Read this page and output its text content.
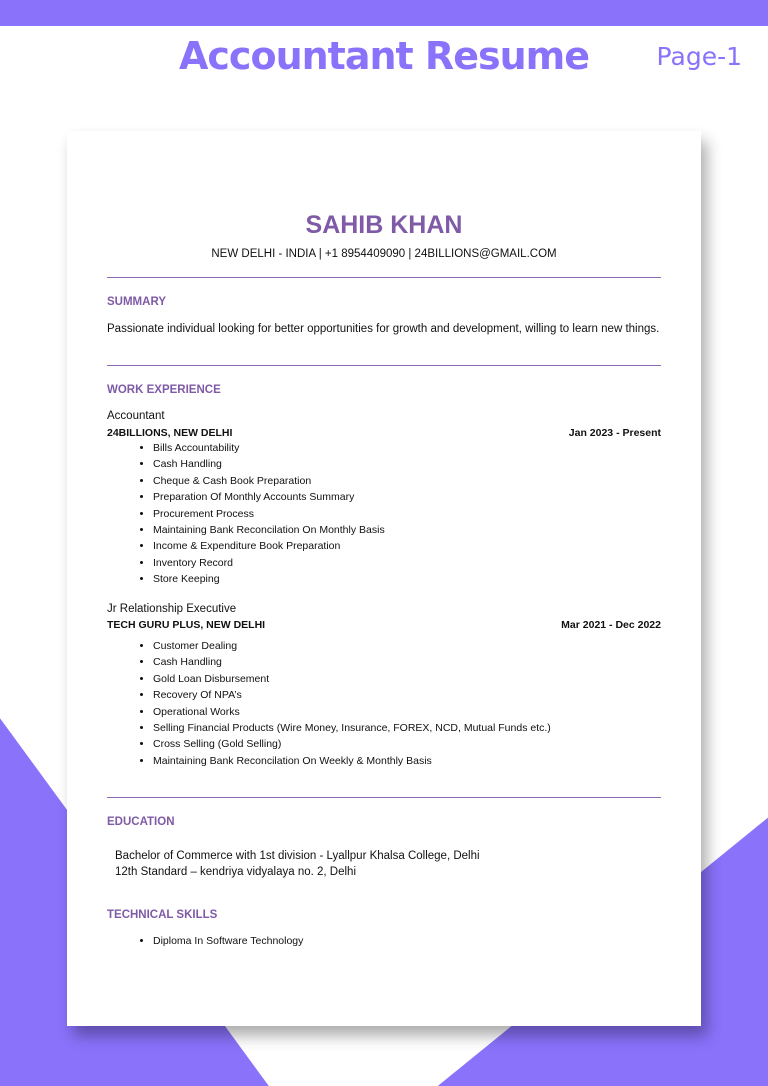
Accountant Resume	Page-1
SAHIB KHAN
NEW DELHI - INDIA | +1 8954409090 | 24BILLIONS@GMAIL.COM
SUMMARY
Passionate individual looking for better opportunities for growth and development, willing to learn new things.
WORK EXPERIENCE
Accountant
24BILLIONS, NEW DELHI	Jan 2023 - Present
• Bills Accountability
• Cash Handling
• Cheque & Cash Book Preparation
• Preparation Of Monthly Accounts Summary
• Procurement Process
• Maintaining Bank Reconcilation On Monthly Basis
• Income & Expenditure Book Preparation
• Inventory Record
• Store Keeping
Jr Relationship Executive
TECH GURU PLUS, NEW DELHI	Mar 2021 - Dec 2022
• Customer Dealing
• Cash Handling
• Gold Loan Disbursement
• Recovery Of NPA’s
• Operational Works
• Selling Financial Products (Wire Money, Insurance, FOREX, NCD, Mutual Funds etc.)
• Cross Selling (Gold Selling)
• Maintaining Bank Reconcilation On Weekly & Monthly Basis
EDUCATION
Bachelor of Commerce with 1st division - Lyallpur Khalsa College, Delhi
12th Standard – kendriya vidyalaya no. 2, Delhi
TECHNICAL SKILLS
• Diploma In Software Technology
